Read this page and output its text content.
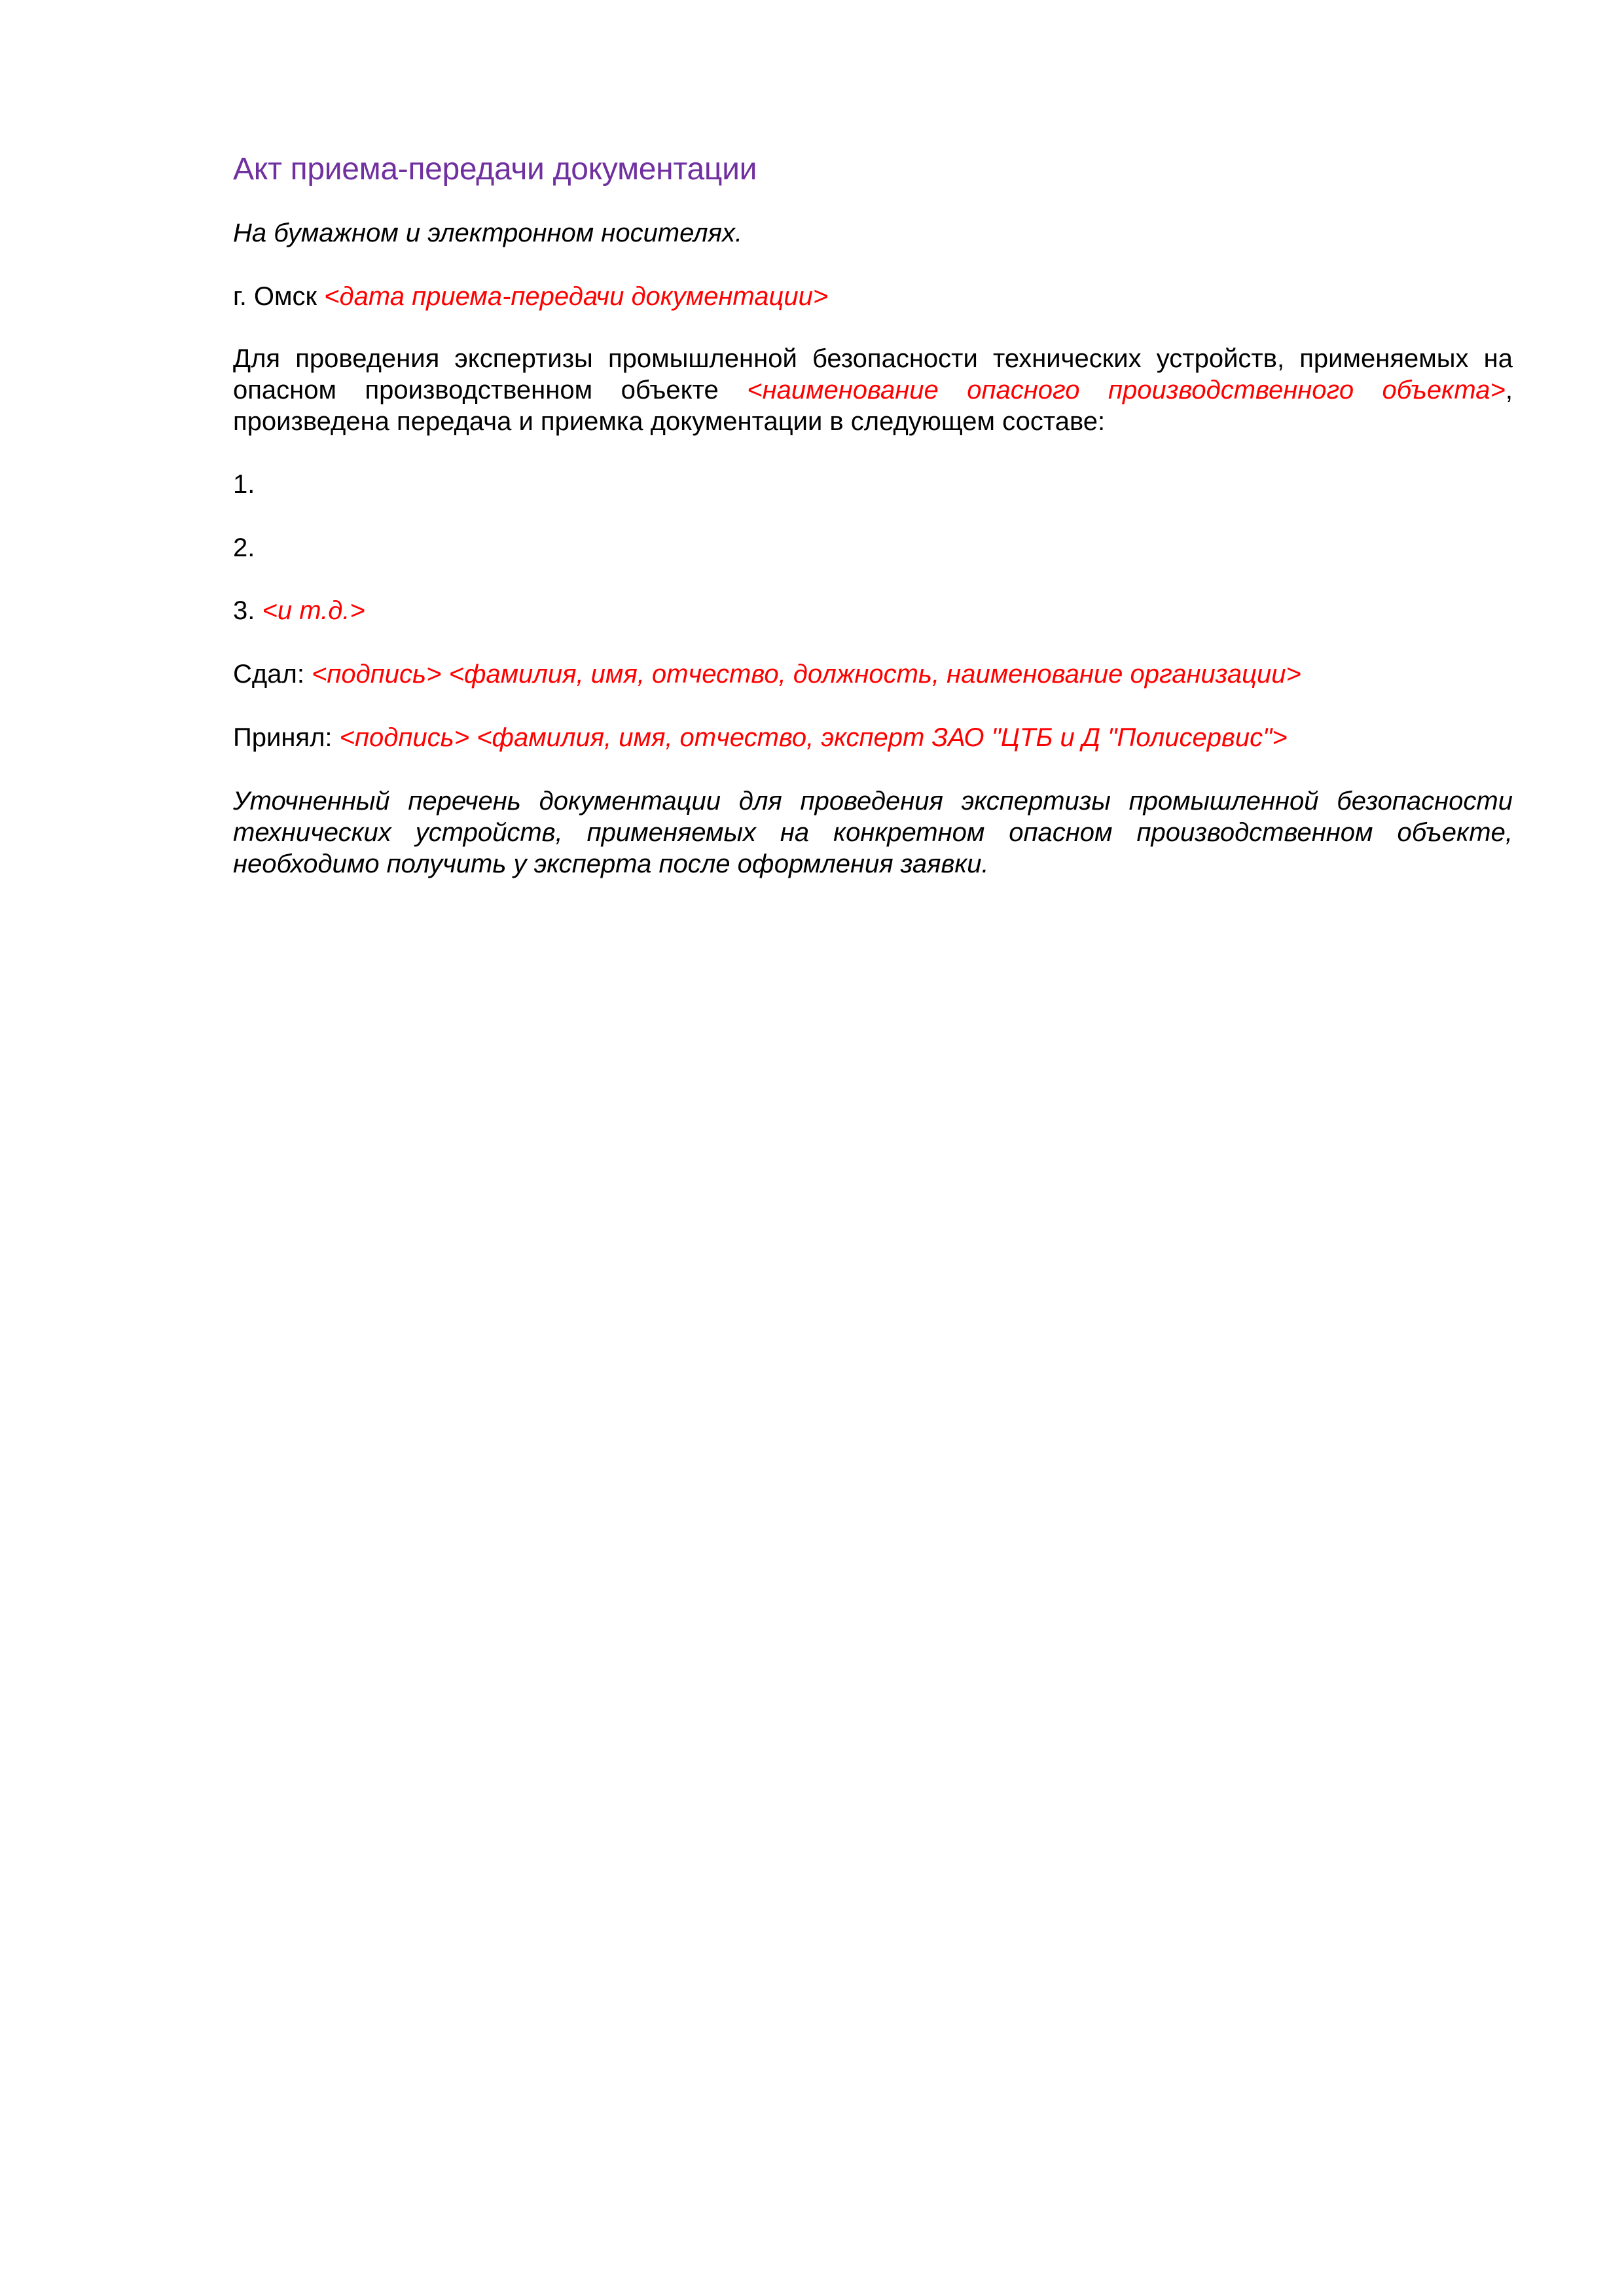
Акт приема-передачи документации

На бумажном и электронном носителях.

г. Омск <дата приема-передачи документации>

Для проведения экспертизы промышленной безопасности технических устройств, применяемых на опасном производственном объекте <наименование опасного производственного объекта>, произведена передача и приемка документации в следующем составе:

1.

2.

3. <и т.д.>

Сдал: <подпись> <фамилия, имя, отчество, должность, наименование организации>

Принял: <подпись> <фамилия, имя, отчество, эксперт ЗАО "ЦТБ и Д "Полисервис">

Уточненный перечень документации для проведения экспертизы промышленной безопасности технических устройств, применяемых на конкретном опасном производственном объекте, необходимо получить у эксперта после оформления заявки.
